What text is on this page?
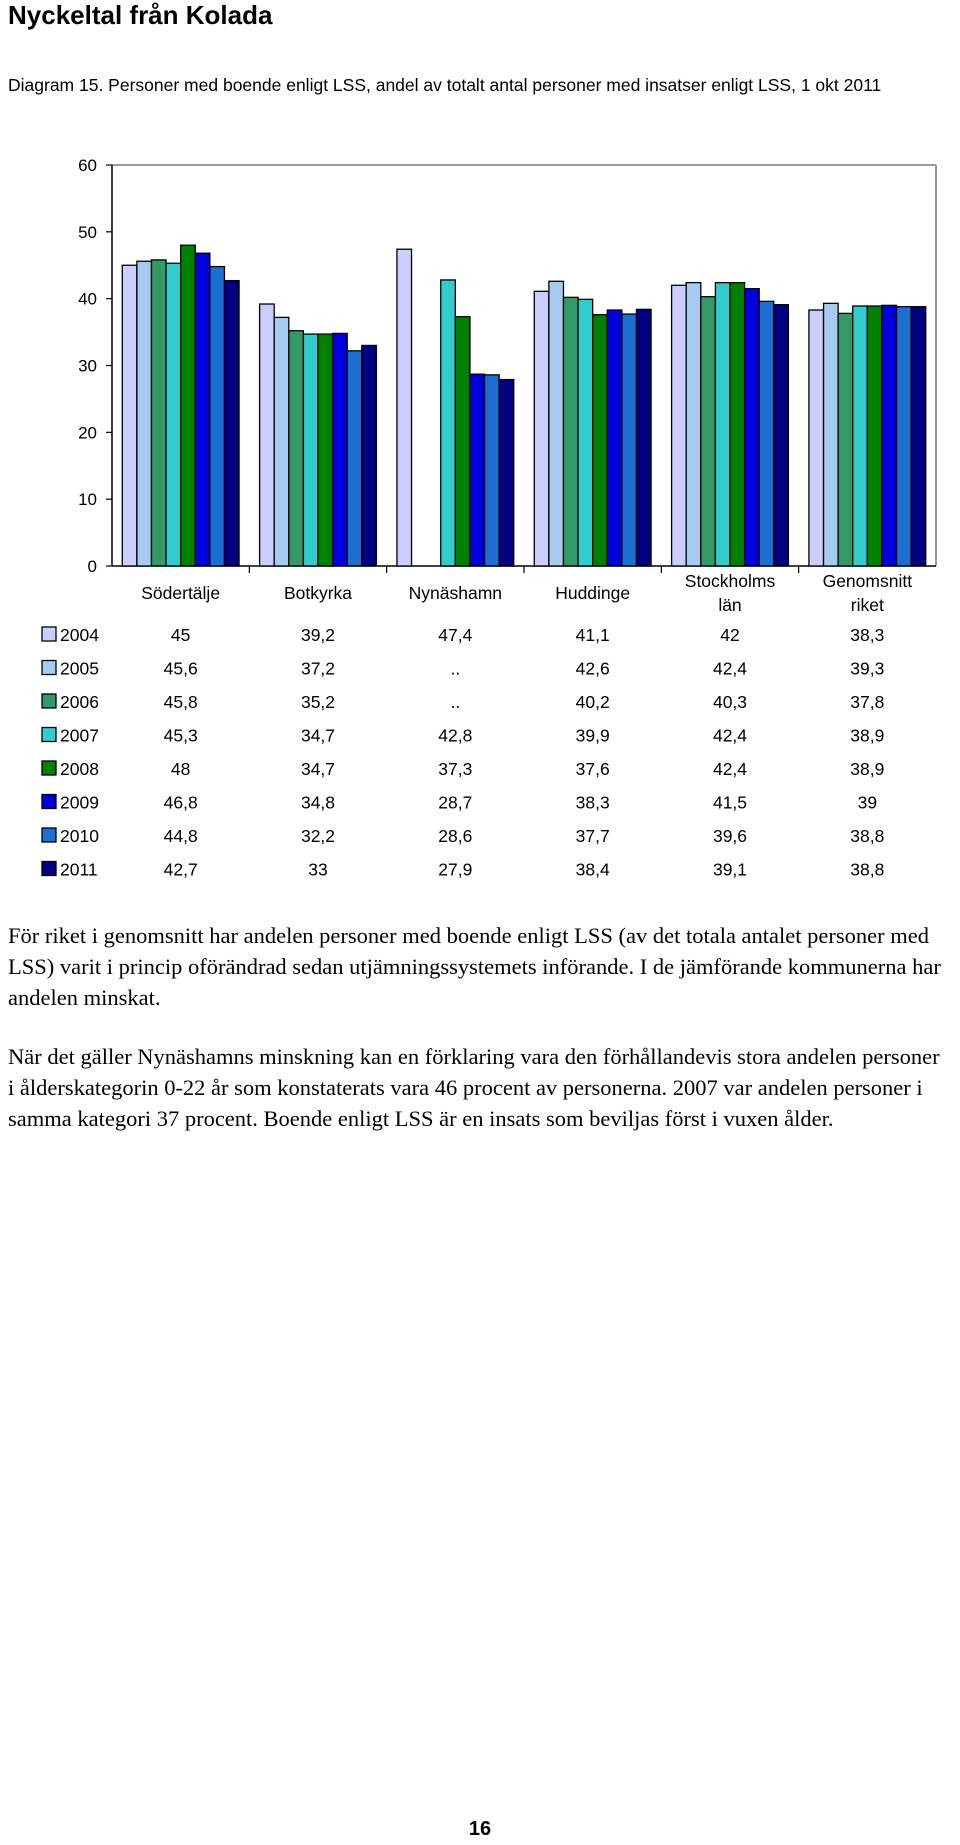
Nyckeltal från Kolada
Diagram 15. Personer med boende enligt LSS, andel av totalt antal personer med insatser enligt LSS, 1 okt 2011
0
10
20
30
40
50
60
Södertälje	Botkyrka	Nynäshamn	Huddinge
Stockholms
län
Genomsnitt
riket
2004	45	39,2	47,4	41,1	42	38,3
2005	45,6	37,2	..	42,6	42,4	39,3
2006	45,8	35,2	..	40,2	40,3	37,8
2007	45,3	34,7	42,8	39,9	42,4	38,9
2008	48	34,7	37,3	37,6	42,4	38,9
2009	46,8	34,8	28,7	38,3	41,5	39
2010	44,8	32,2	28,6	37,7	39,6	38,8
2011	42,7	33	27,9	38,4	39,1	38,8
För riket i genomsnitt har andelen personer med boende enligt LSS (av det totala antalet personer med LSS) varit i princip oförändrad sedan utjämningssystemets införande. I de jämförande kommunerna har andelen minskat.
När det gäller Nynäshamns minskning kan en förklaring vara den förhållandevis stora andelen personer i ålderskategorin 0-22 år som konstaterats vara 46 procent av personerna. 2007 var andelen personer i samma kategori 37 procent. Boende enligt LSS är en insats som beviljas först i vuxen ålder.
16
